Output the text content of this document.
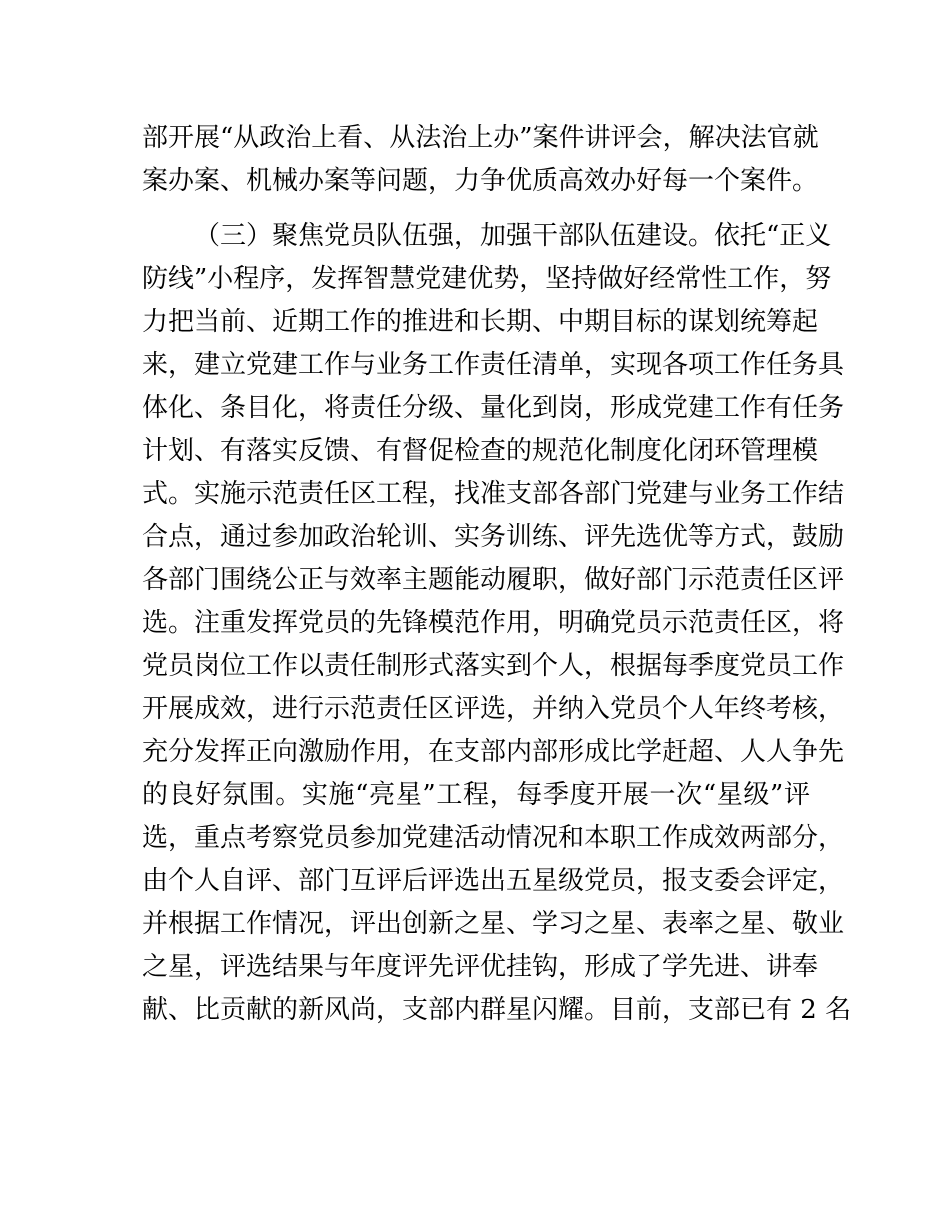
部开展“从政治上看、从法治上办”案件讲评会，解决法官就
案办案、机械办案等问题，力争优质高效办好每一个案件。
（三）聚焦党员队伍强，加强干部队伍建设。依托“正义
防线”小程序，发挥智慧党建优势，坚持做好经常性工作，努
力把当前、近期工作的推进和长期、中期目标的谋划统筹起
来，建立党建工作与业务工作责任清单，实现各项工作任务具
体化、条目化，将责任分级、量化到岗，形成党建工作有任务
计划、有落实反馈、有督促检查的规范化制度化闭环管理模
式。实施示范责任区工程，找准支部各部门党建与业务工作结
合点，通过参加政治轮训、实务训练、评先选优等方式，鼓励
各部门围绕公正与效率主题能动履职，做好部门示范责任区评
选。注重发挥党员的先锋模范作用，明确党员示范责任区，将
党员岗位工作以责任制形式落实到个人，根据每季度党员工作
开展成效，进行示范责任区评选，并纳入党员个人年终考核，
充分发挥正向激励作用，在支部内部形成比学赶超、人人争先
的良好氛围。实施“亮星”工程，每季度开展一次“星级”评
选，重点考察党员参加党建活动情况和本职工作成效两部分，
由个人自评、部门互评后评选出五星级党员，报支委会评定，
并根据工作情况，评出创新之星、学习之星、表率之星、敬业
之星，评选结果与年度评先评优挂钩，形成了学先进、讲奉
献、比贡献的新风尚，支部内群星闪耀。目前，支部已有 2 名
